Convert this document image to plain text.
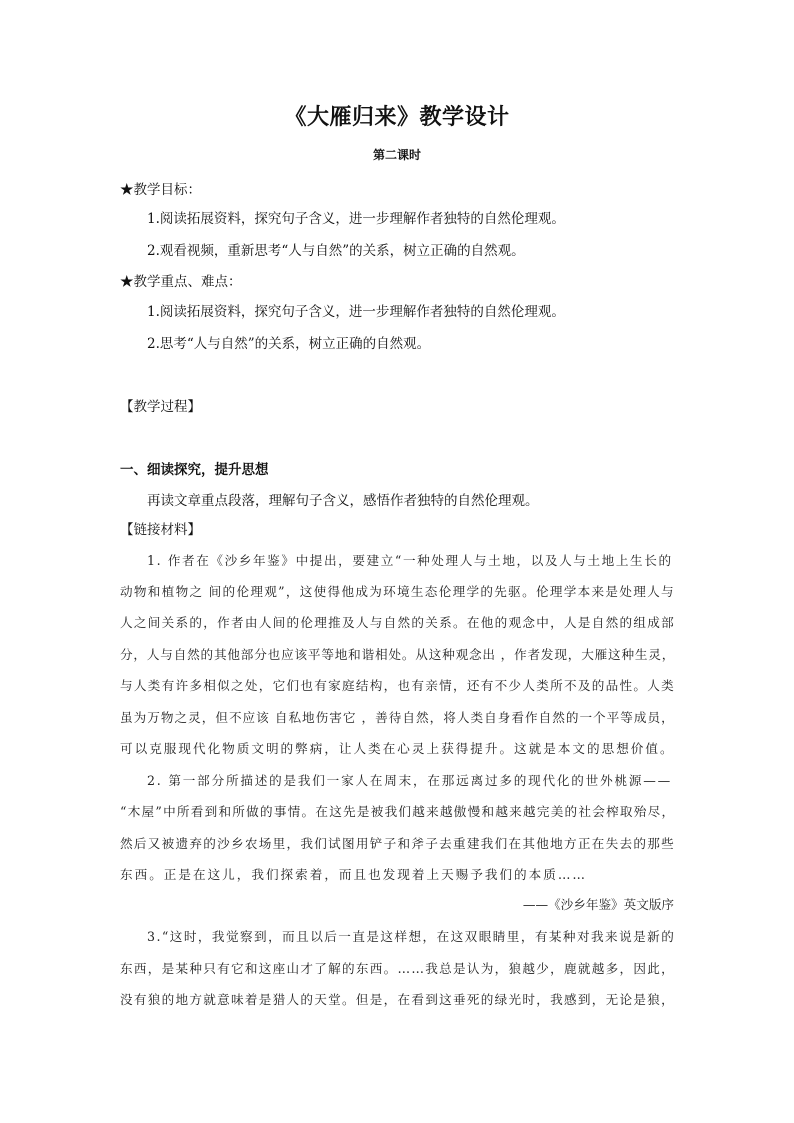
《大雁归来》教学设计
第二课时
★教学目标：
1.阅读拓展资料，探究句子含义，进一步理解作者独特的自然伦理观。
2.观看视频，重新思考“人与自然”的关系，树立正确的自然观。
★教学重点、难点：
1.阅读拓展资料，探究句子含义，进一步理解作者独特的自然伦理观。
2.思考“人与自然”的关系，树立正确的自然观。
【教学过程】
一、细读探究，提升思想
再读文章重点段落，理解句子含义，感悟作者独特的自然伦理观。
【链接材料】
1. 作者在《沙乡年鉴》中提出，要建立“一种处理人与土地，以及人与土地上生长的
动物和植物之 间的伦理观”，这使得他成为环境生态伦理学的先驱。伦理学本来是处理人与
人之间关系的，作者由人间的伦理推及人与自然的关系。在他的观念中，人是自然的组成部
分，人与自然的其他部分也应该平等地和谐相处。从这种观念出 ，作者发现，大雁这种生灵，
与人类有许多相似之处，它们也有家庭结构，也有亲情，还有不少人类所不及的品性。人类
虽为万物之灵，但不应该 自私地伤害它 ，善待自然，将人类自身看作自然的一个平等成员，
可以克服现代化物质文明的弊病，让人类在心灵上获得提升。这就是本文的思想价值。
2. 第一部分所描述的是我们一家人在周末，在那远离过多的现代化的世外桃源——
“木屋”中所看到和所做的事情。在这先是被我们越来越傲慢和越来越完美的社会榨取殆尽，
然后又被遗弃的沙乡农场里，我们试图用铲子和斧子去重建我们在其他地方正在失去的那些
东西。正是在这儿，我们探索着，而且也发现着上天赐予我们的本质……
——《沙乡年鉴》英文版序
3.“这时，我觉察到，而且以后一直是这样想，在这双眼睛里，有某种对我来说是新的
东西，是某种只有它和这座山才了解的东西。……我总是认为，狼越少，鹿就越多，因此，
没有狼的地方就意味着是猎人的天堂。但是，在看到这垂死的绿光时，我感到，无论是狼，
